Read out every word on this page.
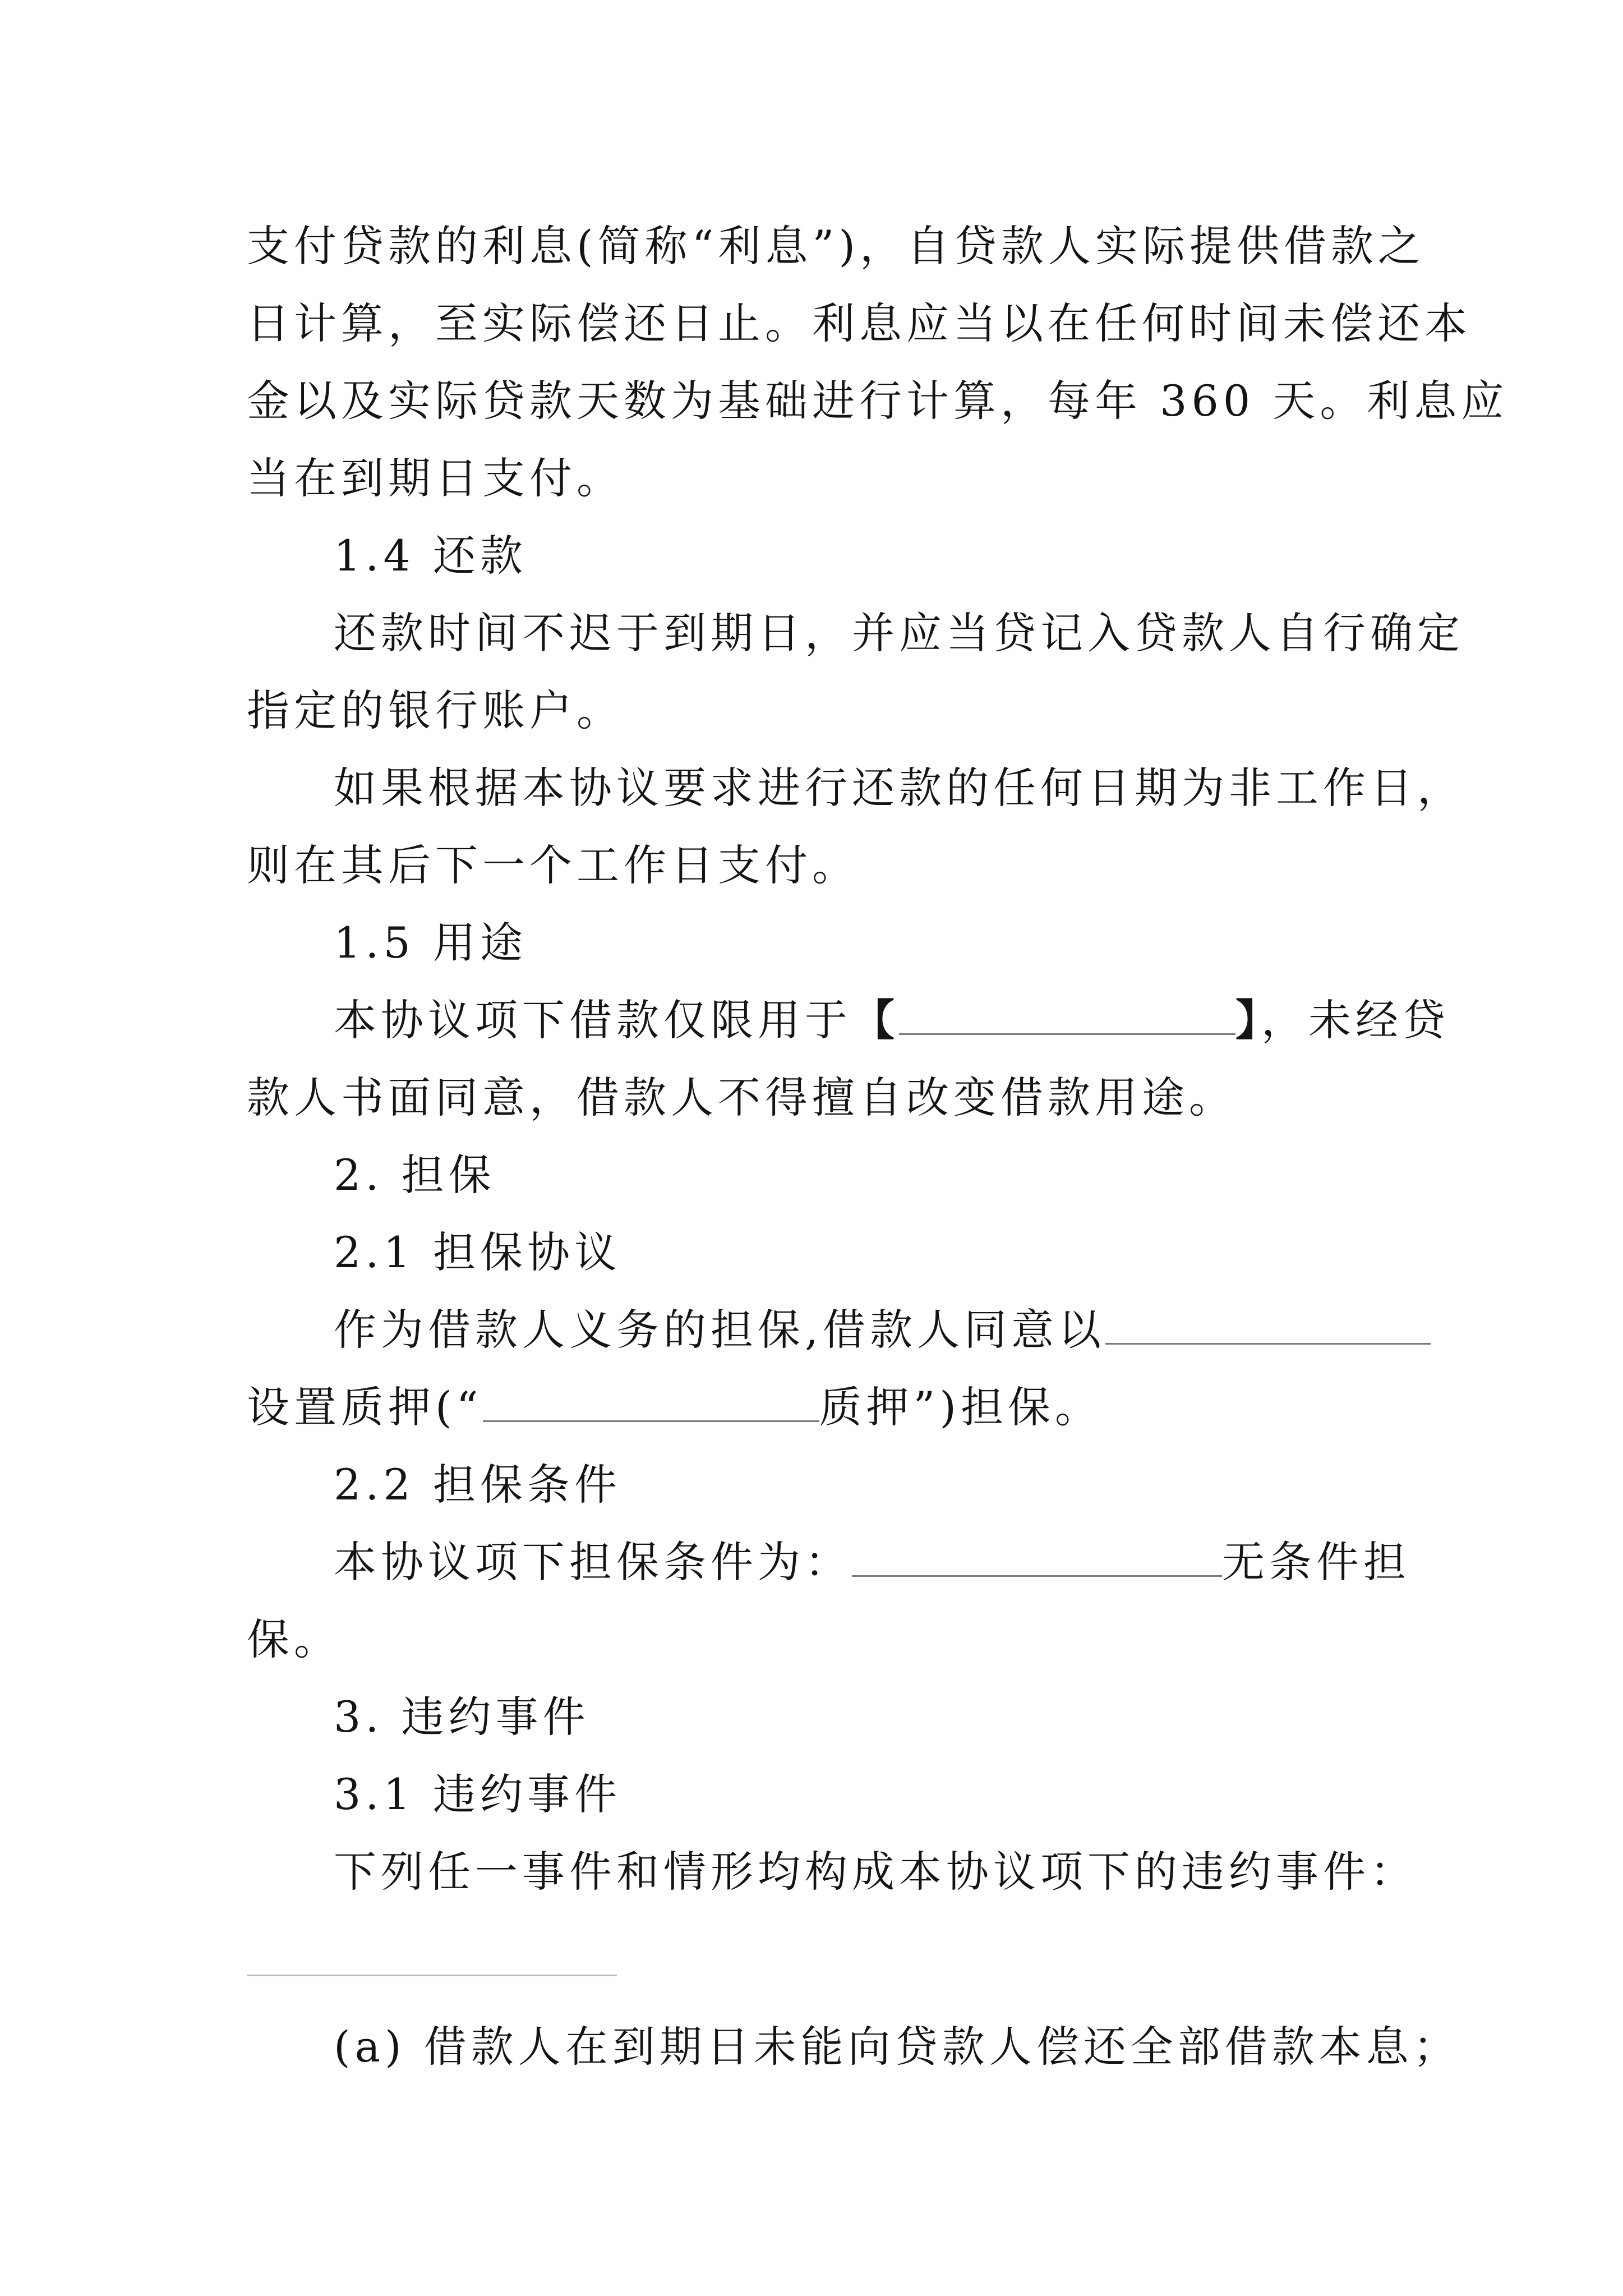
支付贷款的利息(简称“利息”)，自贷款人实际提供借款之
日计算，至实际偿还日止。利息应当以在任何时间未偿还本
金以及实际贷款天数为基础进行计算，每年 360 天。利息应
当在到期日支付。
1.4 还款
还款时间不迟于到期日，并应当贷记入贷款人自行确定
指定的银行账户。
如果根据本协议要求进行还款的任何日期为非工作日，
则在其后下一个工作日支付。
1.5 用途
本协议项下借款仅限用于【	】，未经贷
款人书面同意，借款人不得擅自改变借款用途。
2. 担保
2.1 担保协议
作为借款人义务的担保,借款人同意以
设置质押(“	质押”)担保。
2.2 担保条件
本协议项下担保条件为：	无条件担
保。
3. 违约事件
3.1 违约事件
下列任一事件和情形均构成本协议项下的违约事件：
(a) 借款人在到期日未能向贷款人偿还全部借款本息；
